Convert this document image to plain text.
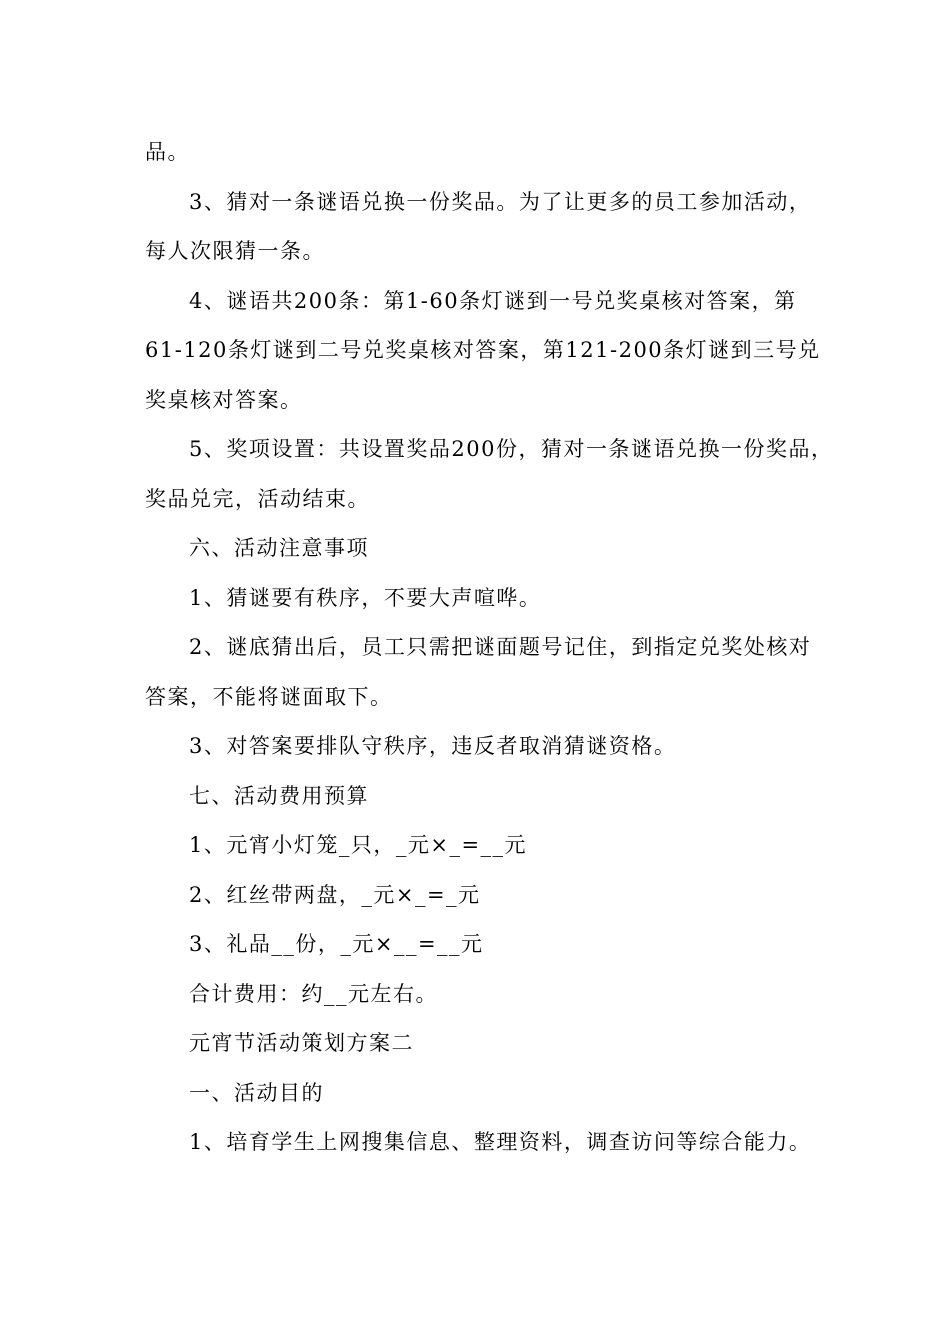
品。

3、猜对一条谜语兑换一份奖品。为了让更多的员工参加活动，

每人次限猜一条。

4、谜语共200条：第1-60条灯谜到一号兑奖桌核对答案，第

61-120条灯谜到二号兑奖桌核对答案，第121-200条灯谜到三号兑

奖桌核对答案。

5、奖项设置：共设置奖品200份，猜对一条谜语兑换一份奖品，

奖品兑完，活动结束。

六、活动注意事项

1、猜谜要有秩序，不要大声喧哗。

2、谜底猜出后，员工只需把谜面题号记住，到指定兑奖处核对

答案，不能将谜面取下。

3、对答案要排队守秩序，违反者取消猜谜资格。

七、活动费用预算

1、元宵小灯笼_只，_元×_=__元

2、红丝带两盘，_元×_=_元

3、礼品__份，_元×__=__元

合计费用：约__元左右。

元宵节活动策划方案二

一、活动目的

1、培育学生上网搜集信息、整理资料，调查访问等综合能力。
